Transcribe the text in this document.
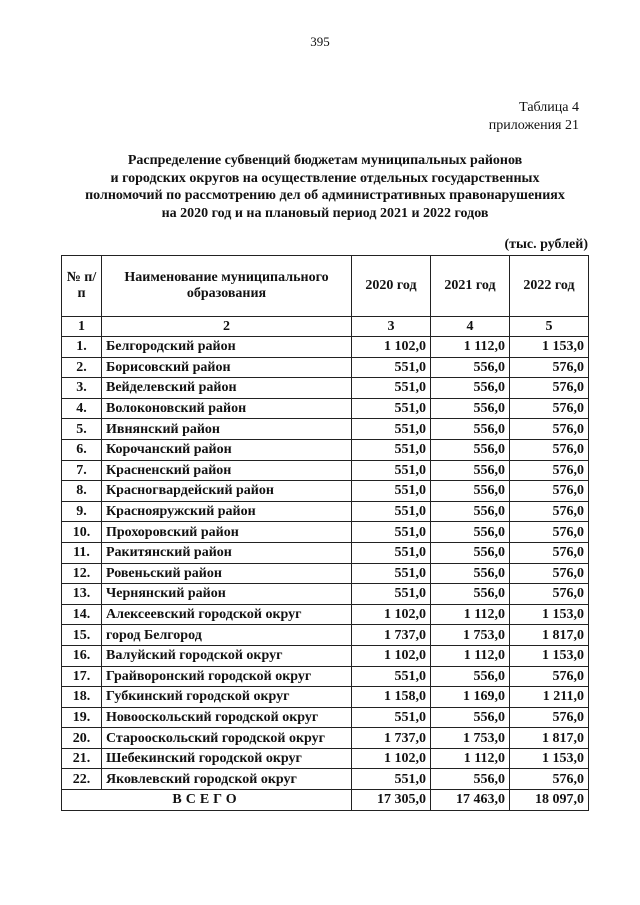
395
Таблица 4
приложения 21
Распределение субвенций бюджетам муниципальных районов
и городских округов на осуществление отдельных государственных
полномочий по рассмотрению дел об административных правонарушениях
на 2020 год и на плановый период 2021 и 2022 годов
(тыс. рублей)
№ п/п	Наименование муниципального образования	2020 год	2021 год	2022 год
1	2	3	4	5
1.	Белгородский район	1 102,0	1 112,0	1 153,0
2.	Борисовский район	551,0	556,0	576,0
3.	Вейделевский район	551,0	556,0	576,0
4.	Волоконовский район	551,0	556,0	576,0
5.	Ивнянский район	551,0	556,0	576,0
6.	Корочанский район	551,0	556,0	576,0
7.	Красненский район	551,0	556,0	576,0
8.	Красногвардейский район	551,0	556,0	576,0
9.	Краснояружский район	551,0	556,0	576,0
10.	Прохоровский район	551,0	556,0	576,0
11.	Ракитянский район	551,0	556,0	576,0
12.	Ровеньский район	551,0	556,0	576,0
13.	Чернянский район	551,0	556,0	576,0
14.	Алексеевский городской округ	1 102,0	1 112,0	1 153,0
15.	город Белгород	1 737,0	1 753,0	1 817,0
16.	Валуйский городской округ	1 102,0	1 112,0	1 153,0
17.	Грайворонский городской округ	551,0	556,0	576,0
18.	Губкинский городской округ	1 158,0	1 169,0	1 211,0
19.	Новооскольский городской округ	551,0	556,0	576,0
20.	Старооскольский городской округ	1 737,0	1 753,0	1 817,0
21.	Шебекинский городской округ	1 102,0	1 112,0	1 153,0
22.	Яковлевский городской округ	551,0	556,0	576,0
ВСЕГО		17 305,0	17 463,0	18 097,0
